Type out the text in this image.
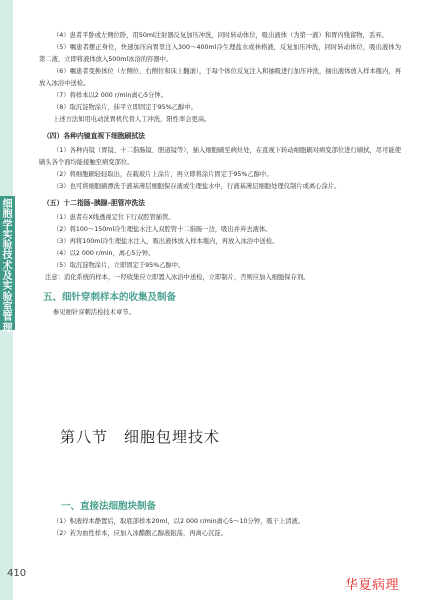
细胞学实验技术及实验室管理

（4）患者平卧或左侧位卧，用50ml注射器反复加压冲洗，同时转动体位，吸出液体（为第一液）和胃内残留物，丢弃。

（5）嘱患者摆正身位，快速加压向胃里注入300～400ml冷生理盐水或林格液，反复加压冲洗，同时转动体位，吸出液体为第二液，立即将液体放入500ml冰浴的容器中。

（6）嘱患者变换体位（左侧位、右侧位和床上翻滚），于每个体位反复注入和抽吸进行加压冲洗，抽出液体放入样本瓶内，再放入冰浴中送检。

（7）将样本以2 000 r/min离心5分钟。

（8）取沉淀物涂片，抹平立即固定于95%乙醇中。

上述方法如用电动洗胃机代替人工冲洗，阳性率会更高。

（四）各种内镜直视下细胞刷拭法

（1）各种内镜（胃镜、十二指肠镜、胆道镜等），插入细胞刷至病灶处，在直视下转动细胞刷对病变部位进行刷拭，尽可能使刷头各个面均能接触至病变部位。

（2）将细胞刷轻轻取出，在载玻片上涂片，再立即将涂片固定于95%乙醇中。

（3）也可将细胞刷漂洗于液基薄层细胞保存液或生理盐水中，行液基薄层细胞处理仪制片或离心涂片。

（五）十二指肠–胰腺–胆管冲洗法

（1）患者在X线透视定位下行双腔管插管。

（2）将100～150ml冷生理盐水注入双腔管十二指肠一边，吸出并弃去液体。

（3）再将100ml冷生理盐水注入，吸出液体放入样本瓶内，再放入冰浴中送检。

（4）以2 000 r/min，离心5分钟。

（5）取沉淀物涂片，立即固定于95%乙醇中。

注意：消化系统的样本，一经收集应立即置入冰浴中送检，立即制片，否则应加入细胞保存剂。

五、细针穿刺样本的收集及制备

参见细针穿刺活检技术章节。

第八节　细胞包埋技术
一、直接法细胞块制备

（1）积液样本静置后，取底部样本20ml，以2 000 r/min离心5～10分钟，吸干上清液。

（2）若为血性样本，应加入冰醋酸乙醇液振荡，再离心沉淀。

410
华夏病理
